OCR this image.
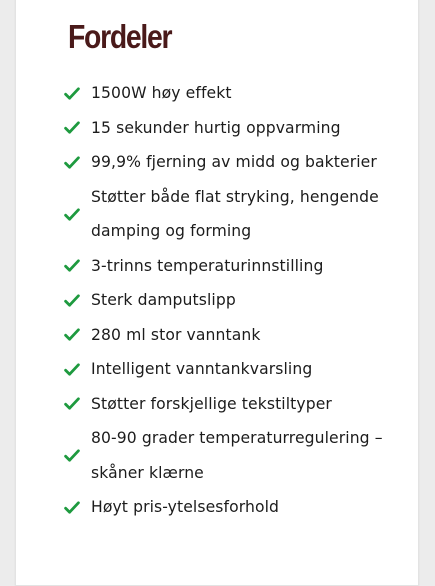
Fordeler
1500W høy effekt
15 sekunder hurtig oppvarming
99,9% fjerning av midd og bakterier
Støtter både flat stryking, hengende damping og forming
3-trinns temperaturinnstilling
Sterk damputslipp
280 ml stor vanntank
Intelligent vanntankvarsling
Støtter forskjellige tekstiltyper
80-90 grader temperaturregulering – skåner klærne
Høyt pris-ytelsesforhold
